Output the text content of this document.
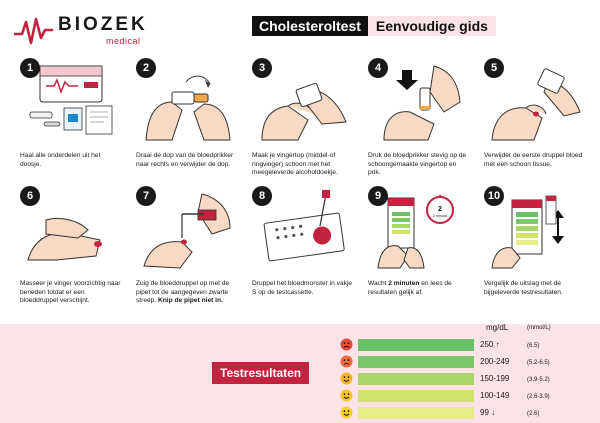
BIOZEK
medical
Cholesteroltest	Eenvoudige gids
1

Haal alle onderdelen uit het doosje.

2

Draai de dop van de bloedprikker naar rechts en verwijder de dop.

3

Maak je vingertop (middel-of ringvinger) schoon met het meegeleverde alcoholdoekje.

4

Druk de bloedprikker stevig op de schoongemaakte vingertop en prik.

5

Verwijder de eerste druppel bloed met een schoon tissue.

6

Masseer je vinger voorzichtig naar beneden totdat er een bloeddruppel verschijnt.

7

Zuig de bloeddruppel op met de pipet tot de aangegeven zwarte streep. Knip de pipet niet in.

8

Druppel het bloedmonster in vakje S op de testcassette.

9
2
2 minuut

Wacht 2 minuten en lees de resultaten gelijk af.

10

Vergelijk de uitslag met de bijgeleverde testresultaten.

Testresultaten
mg/dL	(mmol/L)
250 ↑	(6.5)
200-249	(5.2-6.5)
150-199	(3.9-5.2)
100-149	(2.6-3.9)
99 ↓	(2.6)
